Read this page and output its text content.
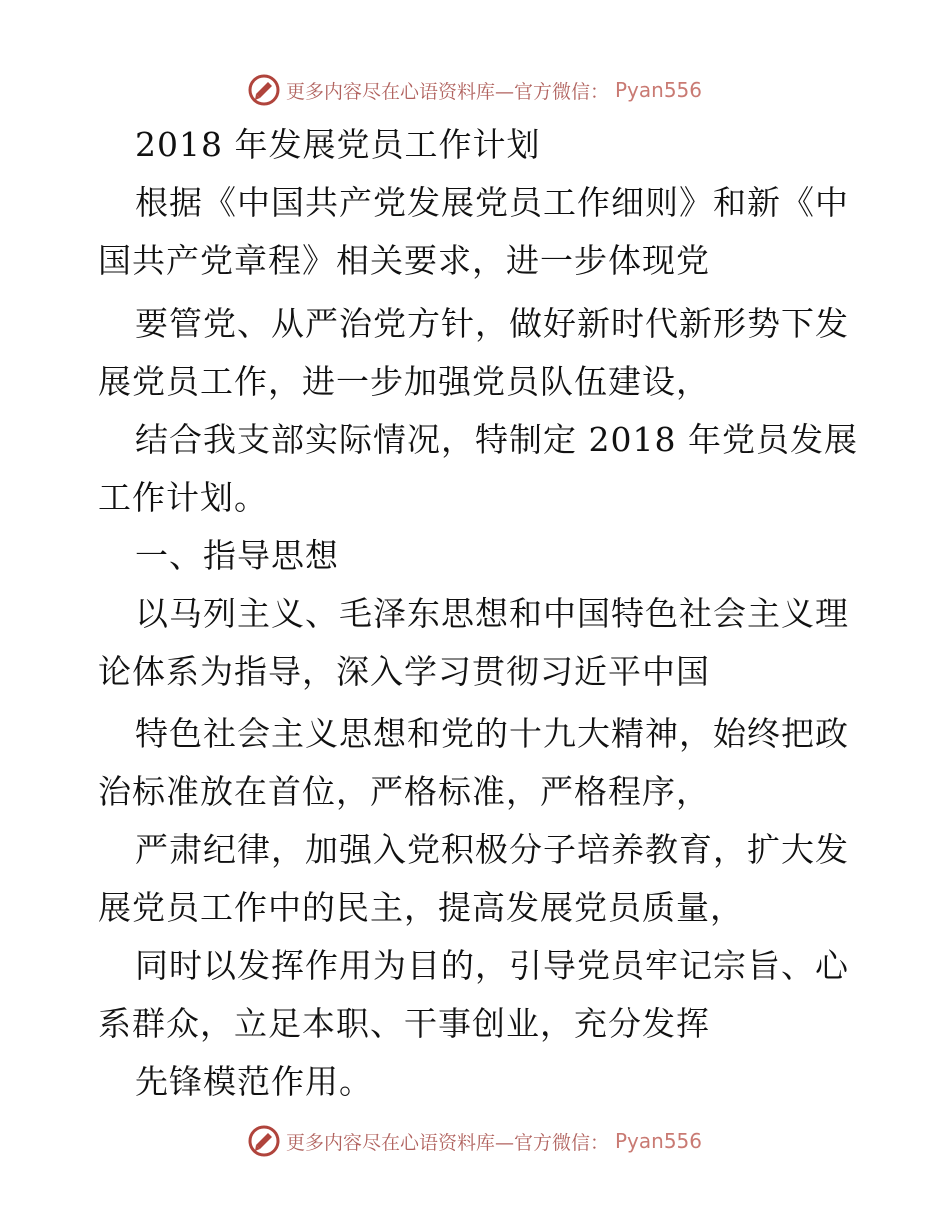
更多内容尽在心语资料库—官方微信： Pyan556
2018 年发展党员工作计划
根据《中国共产党发展党员工作细则》和新《中
国共产党章程》相关要求，进一步体现党
要管党、从严治党方针，做好新时代新形势下发
展党员工作，进一步加强党员队伍建设，
结合我支部实际情况，特制定 2018 年党员发展
工作计划。
一、指导思想
以马列主义、毛泽东思想和中国特色社会主义理
论体系为指导，深入学习贯彻习近平中国
特色社会主义思想和党的十九大精神，始终把政
治标准放在首位，严格标准，严格程序，
严肃纪律，加强入党积极分子培养教育，扩大发
展党员工作中的民主，提高发展党员质量，
同时以发挥作用为目的，引导党员牢记宗旨、心
系群众，立足本职、干事创业，充分发挥
先锋模范作用。
更多内容尽在心语资料库—官方微信： Pyan556
